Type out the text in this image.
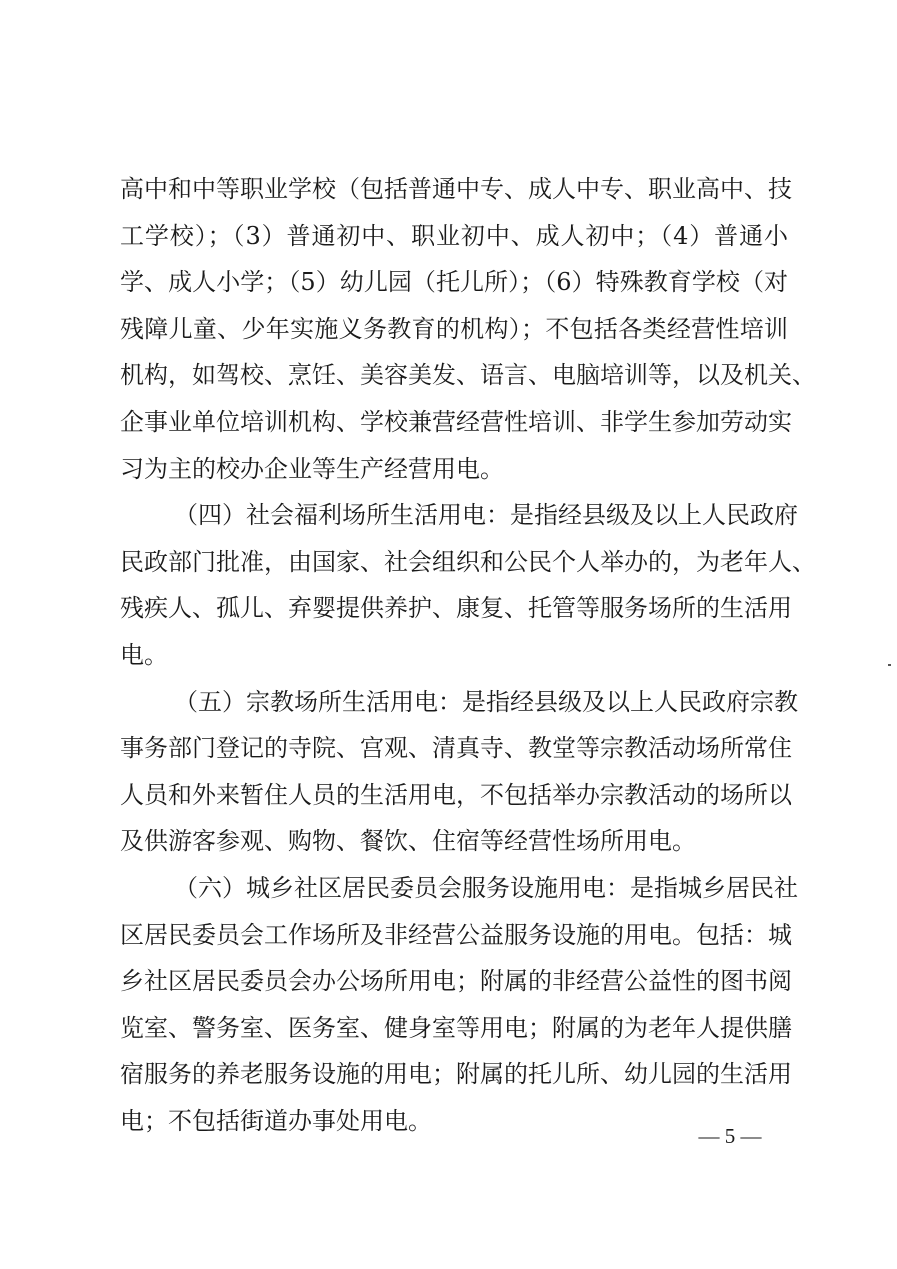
高中和中等职业学校（包括普通中专、成人中专、职业高中、技
工学校）；（3）普通初中、职业初中、成人初中；（4）普通小
学、成人小学；（5）幼儿园（托儿所）；（6）特殊教育学校（对
残障儿童、少年实施义务教育的机构）；不包括各类经营性培训
机构，如驾校、烹饪、美容美发、语言、电脑培训等，以及机关、
企事业单位培训机构、学校兼营经营性培训、非学生参加劳动实
习为主的校办企业等生产经营用电。
（四）社会福利场所生活用电：是指经县级及以上人民政府
民政部门批准，由国家、社会组织和公民个人举办的，为老年人、
残疾人、孤儿、弃婴提供养护、康复、托管等服务场所的生活用
电。
（五）宗教场所生活用电：是指经县级及以上人民政府宗教
事务部门登记的寺院、宫观、清真寺、教堂等宗教活动场所常住
人员和外来暂住人员的生活用电，不包括举办宗教活动的场所以
及供游客参观、购物、餐饮、住宿等经营性场所用电。
（六）城乡社区居民委员会服务设施用电：是指城乡居民社
区居民委员会工作场所及非经营公益服务设施的用电。包括：城
乡社区居民委员会办公场所用电；附属的非经营公益性的图书阅
览室、警务室、医务室、健身室等用电；附属的为老年人提供膳
宿服务的养老服务设施的用电；附属的托儿所、幼儿园的生活用
电；不包括街道办事处用电。
— 5 —
